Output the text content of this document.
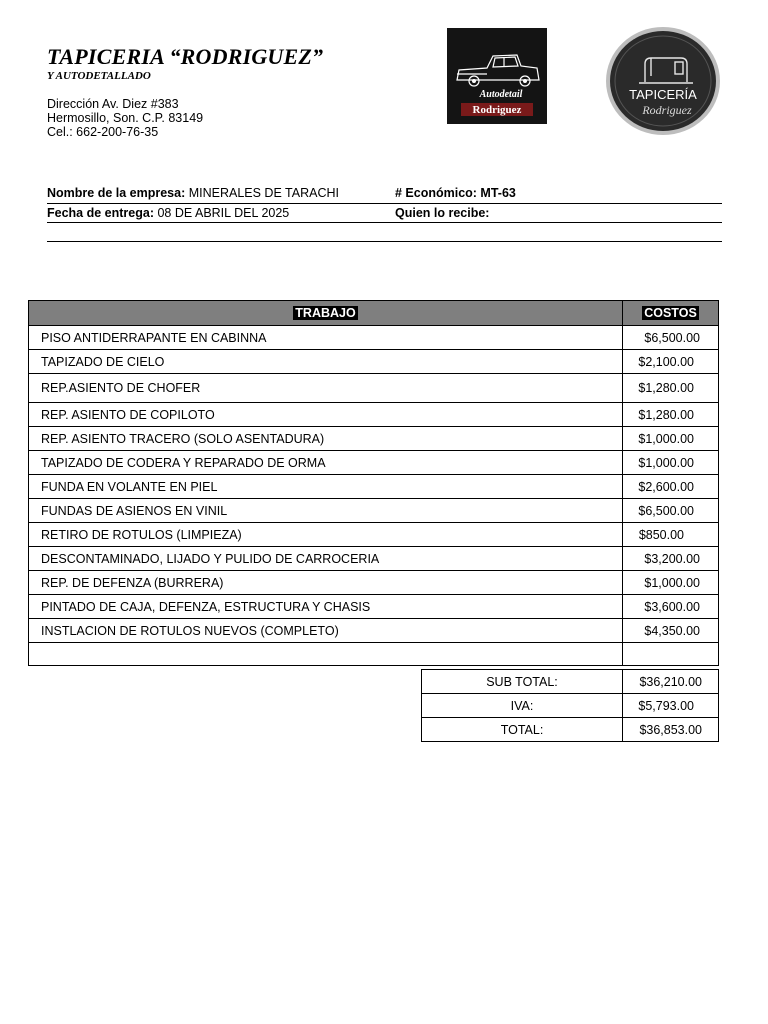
TAPICERIA “RODRIGUEZ”
Y AUTODETALLADO
Dirección Av. Diez #383
Hermosillo, Son. C.P. 83149
Cel.: 662-200-76-35
Autodetail
Rodriguez
TAPICERÍA
Rodriguez
Nombre de la empresa: MINERALES DE TARACHI	# Económico: MT-63
Fecha de entrega: 08 DE ABRIL DEL 2025	Quien lo recibe:
TRABAJO	COSTOS
PISO ANTIDERRAPANTE EN CABINNA	$6,500.00
TAPIZADO DE CIELO	$2,100.00
REP.ASIENTO DE CHOFER	$1,280.00
REP. ASIENTO DE COPILOTO	$1,280.00
REP. ASIENTO TRACERO (SOLO ASENTADURA)	$1,000.00
TAPIZADO DE CODERA Y REPARADO DE ORMA	$1,000.00
FUNDA EN VOLANTE EN PIEL	$2,600.00
FUNDAS DE ASIENOS EN VINIL	$6,500.00
RETIRO DE ROTULOS (LIMPIEZA)	$850.00
DESCONTAMINADO, LIJADO Y PULIDO DE CARROCERIA	$3,200.00
REP. DE DEFENZA (BURRERA)	$1,000.00
PINTADO DE CAJA, DEFENZA, ESTRUCTURA Y CHASIS	$3,600.00
INSTLACION DE ROTULOS NUEVOS (COMPLETO)	$4,350.00

SUB TOTAL:	$36,210.00
IVA:	$5,793.00
TOTAL:	$36,853.00
